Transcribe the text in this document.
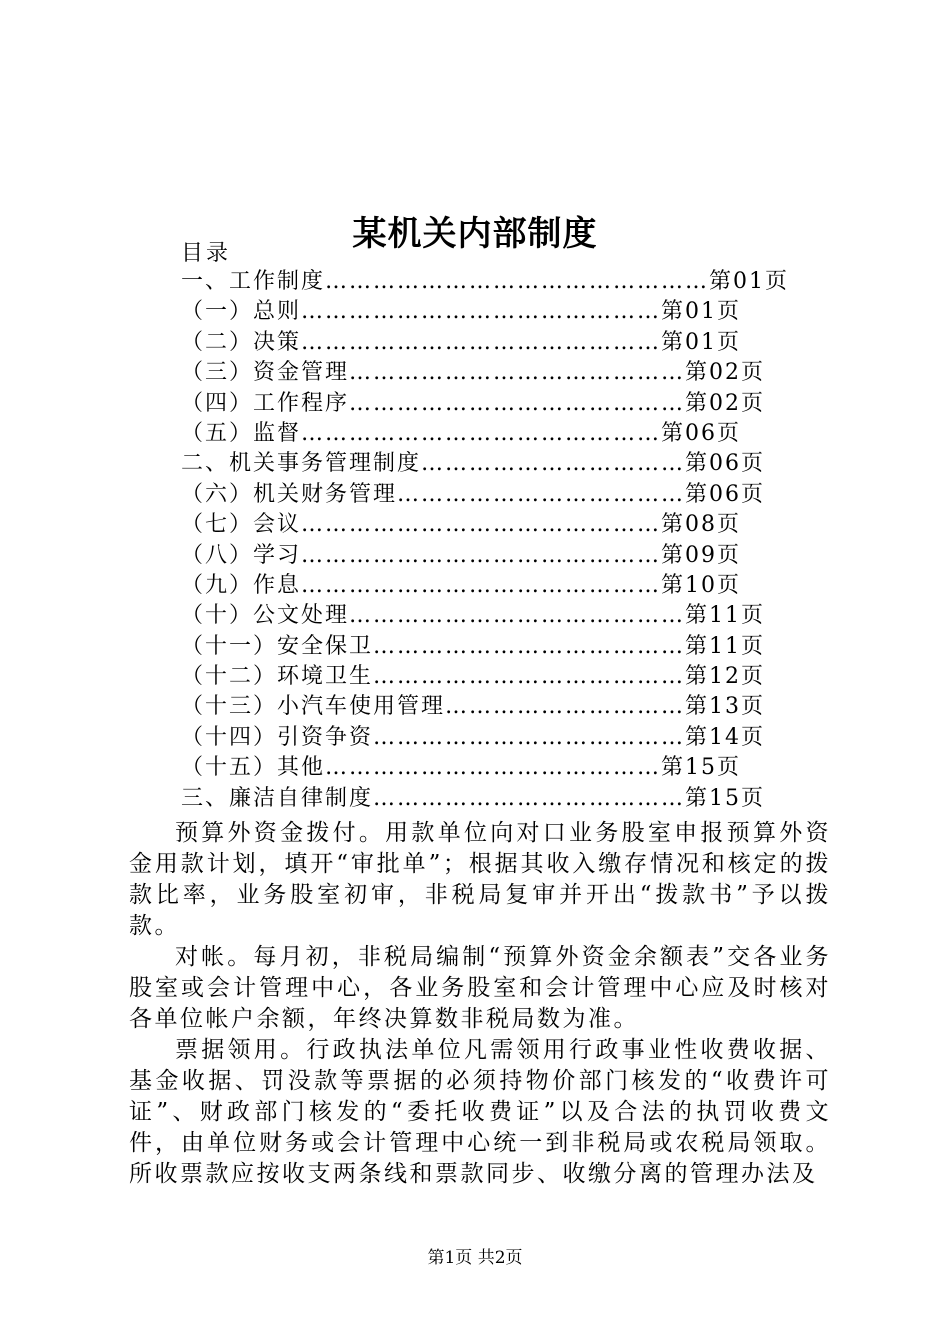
某机关内部制度
目录
一、工作制度…………………………………………第01页
（一）总则………………………………………第01页
（二）决策………………………………………第01页
（三）资金管理……………………………………第02页
（四）工作程序……………………………………第02页
（五）监督………………………………………第06页
二、机关事务管理制度……………………………第06页
（六）机关财务管理………………………………第06页
（七）会议………………………………………第08页
（八）学习………………………………………第09页
（九）作息………………………………………第10页
（十）公文处理……………………………………第11页
（十一）安全保卫…………………………………第11页
（十二）环境卫生…………………………………第12页
（十三）小汽车使用管理…………………………第13页
（十四）引资争资…………………………………第14页
（十五）其他……………………………………第15页
三、廉洁自律制度…………………………………第15页

预算外资金拨付。用款单位向对口业务股室申报预算外资金用款计划，填开“审批单”；根据其收入缴存情况和核定的拨款比率，业务股室初审，非税局复审并开出“拨款书”予以拨款。

对帐。每月初，非税局编制“预算外资金余额表”交各业务股室或会计管理中心，各业务股室和会计管理中心应及时核对各单位帐户余额，年终决算数非税局数为准。

票据领用。行政执法单位凡需领用行政事业性收费收据、基金收据、罚没款等票据的必须持物价部门核发的“收费许可证”、财政部门核发的“委托收费证”以及合法的执罚收费文件，由单位财务或会计管理中心统一到非税局或农税局领取。所收票款应按收支两条线和票款同步、收缴分离的管理办法及

第1页 共2页
